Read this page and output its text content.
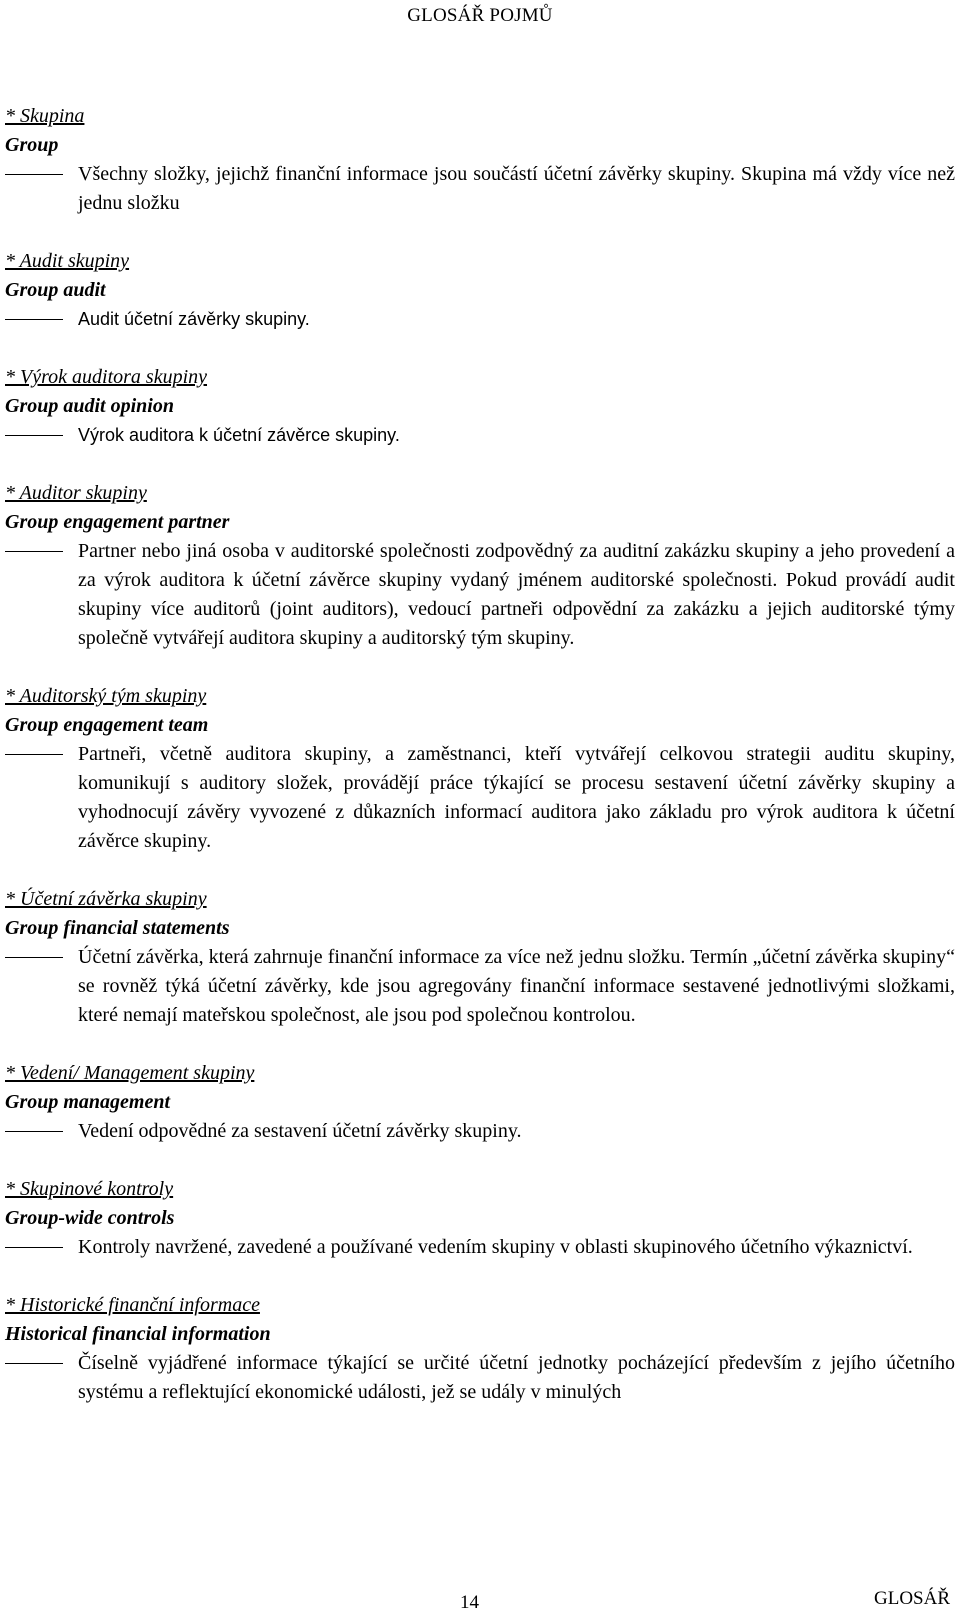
GLOSÁŘ POJMŮ
* Skupina
Group
Všechny složky, jejichž finanční informace jsou součástí účetní závěrky skupiny. Skupina má vždy více než jednu složku
* Audit skupiny
Group audit
Audit účetní závěrky skupiny.
* Výrok auditora skupiny
Group audit opinion
Výrok auditora k účetní závěrce skupiny.
* Auditor skupiny
Group engagement partner
Partner nebo jiná osoba v auditorské společnosti zodpovědný za auditní zakázku skupiny a jeho provedení a za výrok auditora k účetní závěrce skupiny vydaný jménem auditorské společnosti. Pokud provádí audit skupiny více auditorů (joint auditors), vedoucí partneři odpovědní za zakázku a jejich auditorské týmy společně vytvářejí auditora skupiny a auditorský tým skupiny.
* Auditorský tým skupiny
Group engagement team
Partneři, včetně auditora skupiny, a zaměstnanci, kteří vytvářejí celkovou strategii auditu skupiny, komunikují s auditory složek, provádějí práce týkající se procesu sestavení účetní závěrky skupiny a vyhodnocují závěry vyvozené z důkazních informací auditora jako základu pro výrok auditora k účetní závěrce skupiny.
* Účetní závěrka skupiny
Group financial statements
Účetní závěrka, která zahrnuje finanční informace za více než jednu složku. Termín „účetní závěrka skupiny“ se rovněž týká účetní závěrky, kde jsou agregovány finanční informace sestavené jednotlivými složkami, které nemají mateřskou společnost, ale jsou pod společnou kontrolou.
* Vedení/ Management skupiny
Group management
Vedení odpovědné za sestavení účetní závěrky skupiny.
* Skupinové kontroly
Group-wide controls
Kontroly navržené, zavedené a používané vedením skupiny v oblasti skupinového účetního výkaznictví.
* Historické finanční informace
Historical financial information
Číselně vyjádřené informace týkající se určité účetní jednotky pocházející především z jejího účetního systému a reflektující ekonomické události, jež se udály v minulých
14	GLOSÁŘ
